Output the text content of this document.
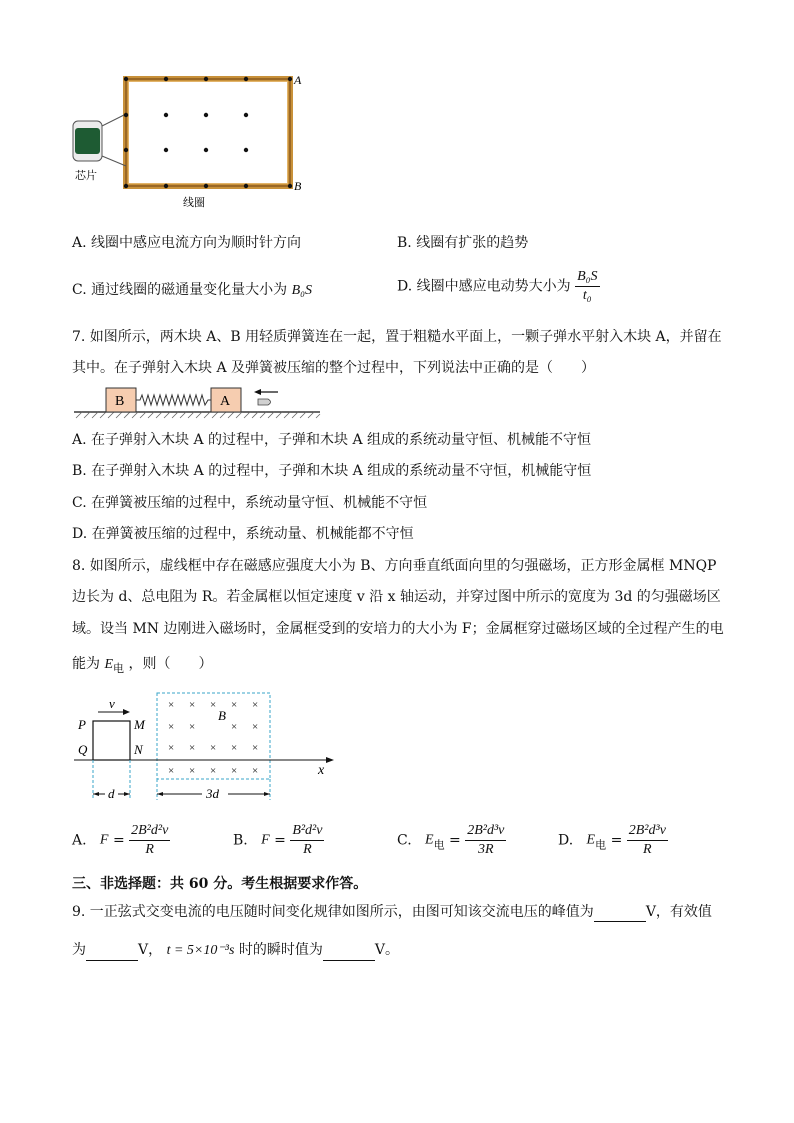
A
B
芯片
线圈
A. 线圈中感应电流方向为顺时针方向	B. 线圈有扩张的趋势
C. 通过线圈的磁通量变化量大小为 B₀S	D. 线圈中感应电动势大小为 $\frac{\text{B₀S}}{\text{t₀}}$
7. 如图所示，两木块 A、B 用轻质弹簧连在一起，置于粗糙水平面上，一颗子弹水平射入木块 A，并留在
其中。在子弹射入木块 A 及弹簧被压缩的整个过程中，下列说法中正确的是（　　）
B	A
A. 在子弹射入木块 A 的过程中，子弹和木块 A 组成的系统动量守恒、机械能不守恒
B. 在子弹射入木块 A 的过程中，子弹和木块 A 组成的系统动量不守恒，机械能守恒
C. 在弹簧被压缩的过程中，系统动量守恒、机械能不守恒
D. 在弹簧被压缩的过程中，系统动量、机械能都不守恒
8. 如图所示，虚线框中存在磁感应强度大小为 B、方向垂直纸面向里的匀强磁场，正方形金属框 MNQP
边长为 d、总电阻为 R。若金属框以恒定速度 v 沿 x 轴运动，并穿过图中所示的宽度为 3d 的匀强磁场区
域。设当 MN 边刚进入磁场时，金属框受到的安培力的大小为 F；金属框穿过磁场区域的全过程产生的电
能为 $E_电$ ，则（　　）
x
P	M
Q	N
v
B
× × × × ×
× ×	× ×
× × × × ×
× × × × ×
d	3d
A. $F = \frac{\text{2B²d²v}}{R}$	B. $F = \frac{\text{B²d²v}}{R}$	C. $E_电 = \frac{\text{2B²d³v}}{3R}$	D. $E_电 = \frac{\text{2B²d³v}}{R}$
三、非选择题：共 60 分。考生根据要求作答。
9. 一正弦式交变电流的电压随时间变化规律如图所示，由图可知该交流电压的峰值为	V，有效值
为	V， t = 5×10⁻³s 时的瞬时值为	V。
